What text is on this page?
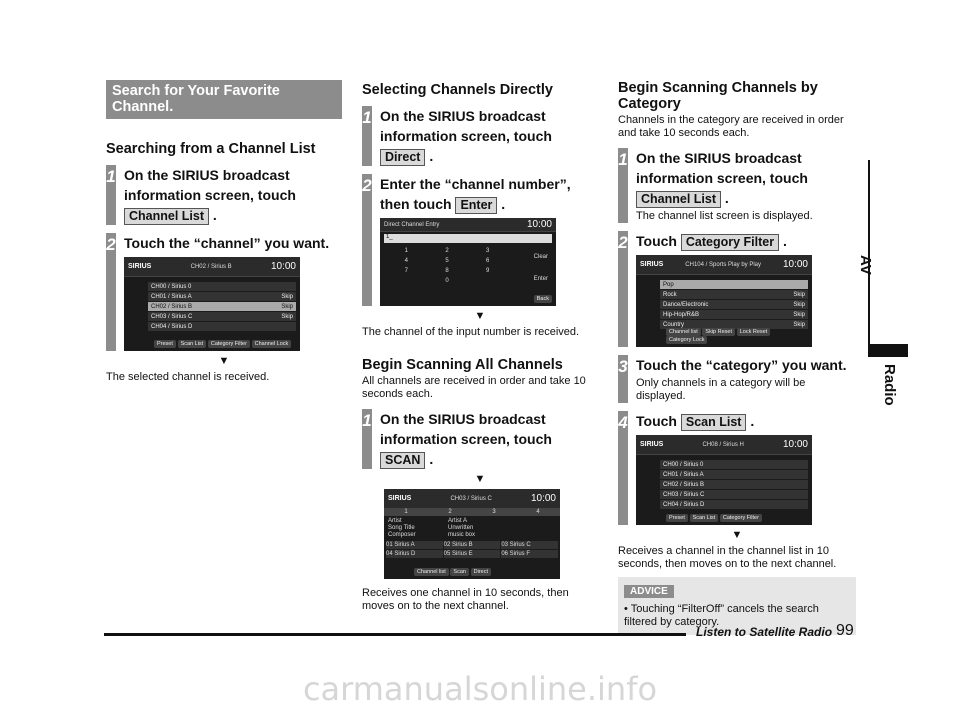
Search for Your Favorite Channel.
Searching from a Channel List
1 On the SIRIUS broadcast information screen, touch
Channel List .
2 Touch the “channel” you want.
SIRIUS	CH02 / Sirius B	10:00
CH00 / Sirius 0
CH01 / Sirius A	Skip
CH02 / Sirius B	Skip
CH03 / Sirius C	Skip
CH04 / Sirius D
Preset Scan List Category Filter Channel Lock
▼
The selected channel is received.
Selecting Channels Directly
1 On the SIRIUS broadcast information screen, touch
Direct .
2 Enter the “channel number”, then touch Enter .
Direct Channel Entry	10:00
1_
1	2	3
4	5	6
7	8	9
0
Clear
Enter
Back
▼
The channel of the input number is received.
Begin Scanning All Channels
All channels are received in order and take 10 seconds each.
1 On the SIRIUS broadcast information screen, touch
SCAN .
▼
SIRIUS	CH03 / Sirius C	10:00
1	2	3	4
Artist
Song Title
Composer
Artist A
Unwritten
music box
01 Sirius A	02 Sirius B	03 Sirius C
04 Sirius D	05 Sirius E	06 Sirius F
Channel list Scan Direct
Receives one channel in 10 seconds, then moves on to the next channel.
Begin Scanning Channels by Category
Channels in the category are received in order and take 10 seconds each.
1 On the SIRIUS broadcast information screen, touch
Channel List .
The channel list screen is displayed.
2 Touch Category Filter .
SIRIUS	CH104 / Sports Play by Play 10:00
Pop
Rock	Skip
Dance/Electronic	Skip
Hip-Hop/R&B	Skip
Country	Skip
Channel list Skip Reset Lock Reset Category Lock
3 Touch the “category” you want.
Only channels in a category will be displayed.
4 Touch Scan List .
SIRIUS	CH08 / Sirius H	10:00
CH00 / Sirius 0
CH01 / Sirius A
CH02 / Sirius B
CH03 / Sirius C
CH04 / Sirius D
Preset Scan List Category Filter
▼
Receives a channel in the channel list in 10 seconds, then moves on to the next channel.
ADVICE
• Touching “FilterOff” cancels the search filtered by category.
AV
Radio
Listen to Satellite Radio 99
carmanualsonline.info
